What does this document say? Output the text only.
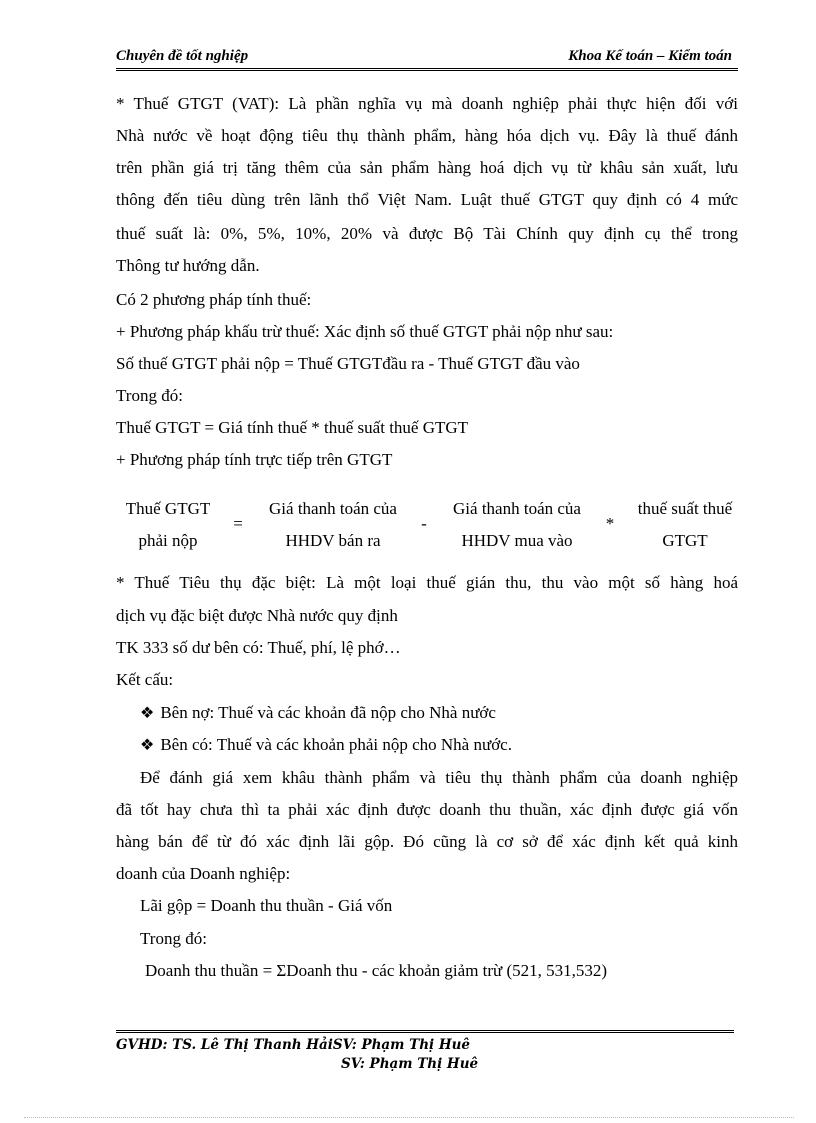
Chuyên đề tốt nghiệp	Khoa Kế toán – Kiểm toán
* Thuế GTGT (VAT): Là phần nghĩa vụ mà doanh nghiệp phải thực hiện đối với
Nhà nước về hoạt động tiêu thụ thành phẩm, hàng hóa dịch vụ. Đây là thuế đánh
trên phần giá trị tăng thêm của sản phẩm hàng hoá dịch vụ từ khâu sản xuất, lưu
thông đến tiêu dùng trên lãnh thổ Việt Nam. Luật thuế GTGT quy định có 4 mức
thuế suất là: 0%, 5%, 10%, 20% và được Bộ Tài Chính quy định cụ thể trong
Thông tư hướng dẫn.
Có 2 phương pháp tính thuế:
+ Phương pháp khấu trừ thuế: Xác định số thuế GTGT phải nộp như sau:
Số thuế GTGT phải nộp = Thuế GTGTđầu ra - Thuế GTGT đầu vào
Trong đó:
Thuế GTGT = Giá tính thuế * thuế suất thuế GTGT
+ Phương pháp tính trực tiếp trên GTGT
Thuế GTGT
phải nộp
=
Giá thanh toán của
HHDV bán ra
-
Giá thanh toán của
HHDV mua vào
*
thuế suất thuế
GTGT
* Thuế Tiêu thụ đặc biệt: Là một loại thuế gián thu, thu vào một số hàng hoá
dịch vụ đặc biệt được Nhà nước quy định
TK 333 số dư bên có: Thuế, phí, lệ phớ…
Kết cấu:
❖ Bên nợ: Thuế và các khoản đã nộp cho Nhà nước
❖ Bên có: Thuế và các khoản phải nộp cho Nhà nước.
Để đánh giá xem khâu thành phẩm và tiêu thụ thành phẩm của doanh nghiệp
đã tốt hay chưa thì ta phải xác định được doanh thu thuần, xác định được giá vốn
hàng bán để từ đó xác định lãi gộp. Đó cũng là cơ sở để xác định kết quả kinh
doanh của Doanh nghiệp:
Lãi gộp = Doanh thu thuần - Giá vốn
Trong đó:
Doanh thu thuần = ΣDoanh thu - các khoản giảm trừ (521, 531,532)
GVHD: TS. Lê Thị Thanh HảiSV: Phạm Thị Huê
SV: Phạm Thị Huê
